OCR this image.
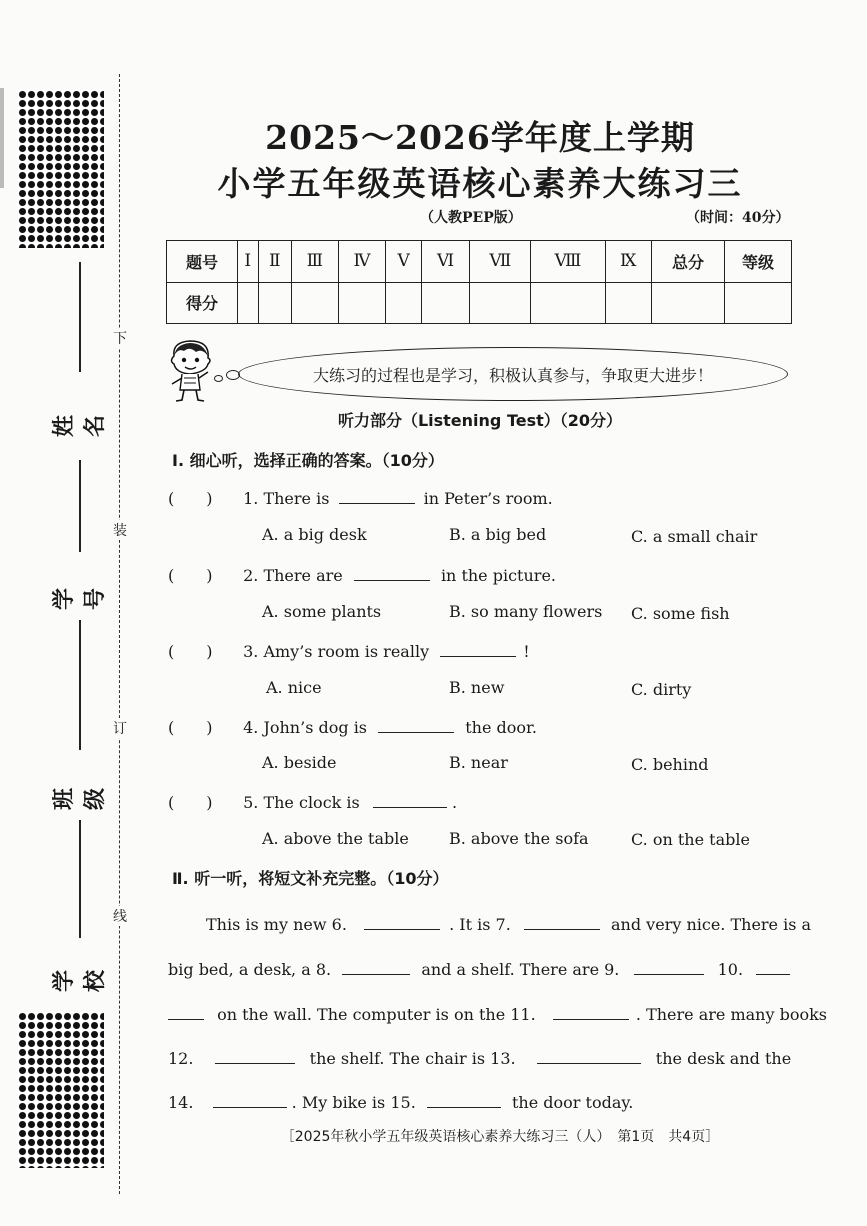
姓名
学号
班级
学校
下
装
订
线
2025～2026学年度上学期
小学五年级英语核心素养大练习三
（人教PEP版）	（时间：40分）
题号	Ⅰ	Ⅱ	Ⅲ	Ⅳ	Ⅴ	Ⅵ	Ⅶ	Ⅷ	Ⅸ	总分	等级
得分											
大练习的过程也是学习，积极认真参与，争取更大进步！
听力部分（Listening Test）（20分）
Ⅰ. 细心听，选择正确的答案。（10分）
(　　) 1. There is	in Peter’s room.
A. a big desk	B. a big bed	C. a small chair
(　　) 2. There are	in the picture.
A. some plants	B. so many flowers C. some fish
(　　) 3. Amy’s room is really	!
A. nice	B. new	C. dirty
(　　) 4. John’s dog is	the door.
A. beside	B. near	C. behind
(　　) 5. The clock is	.
A. above the table	B. above the sofa	C. on the table
Ⅱ. 听一听，将短文补充完整。（10分）
This is my new 6.	. It is 7.	and very nice. There is a
big bed, a desk, a 8.	and a shelf. There are 9.	10.
on the wall. The computer is on the 11.	. There are many books
12.	the shelf. The chair is 13.	the desk and the
14.	. My bike is 15.	the door today.
［2025年秋小学五年级英语核心素养大练习三（人）　第1页　共4页］
